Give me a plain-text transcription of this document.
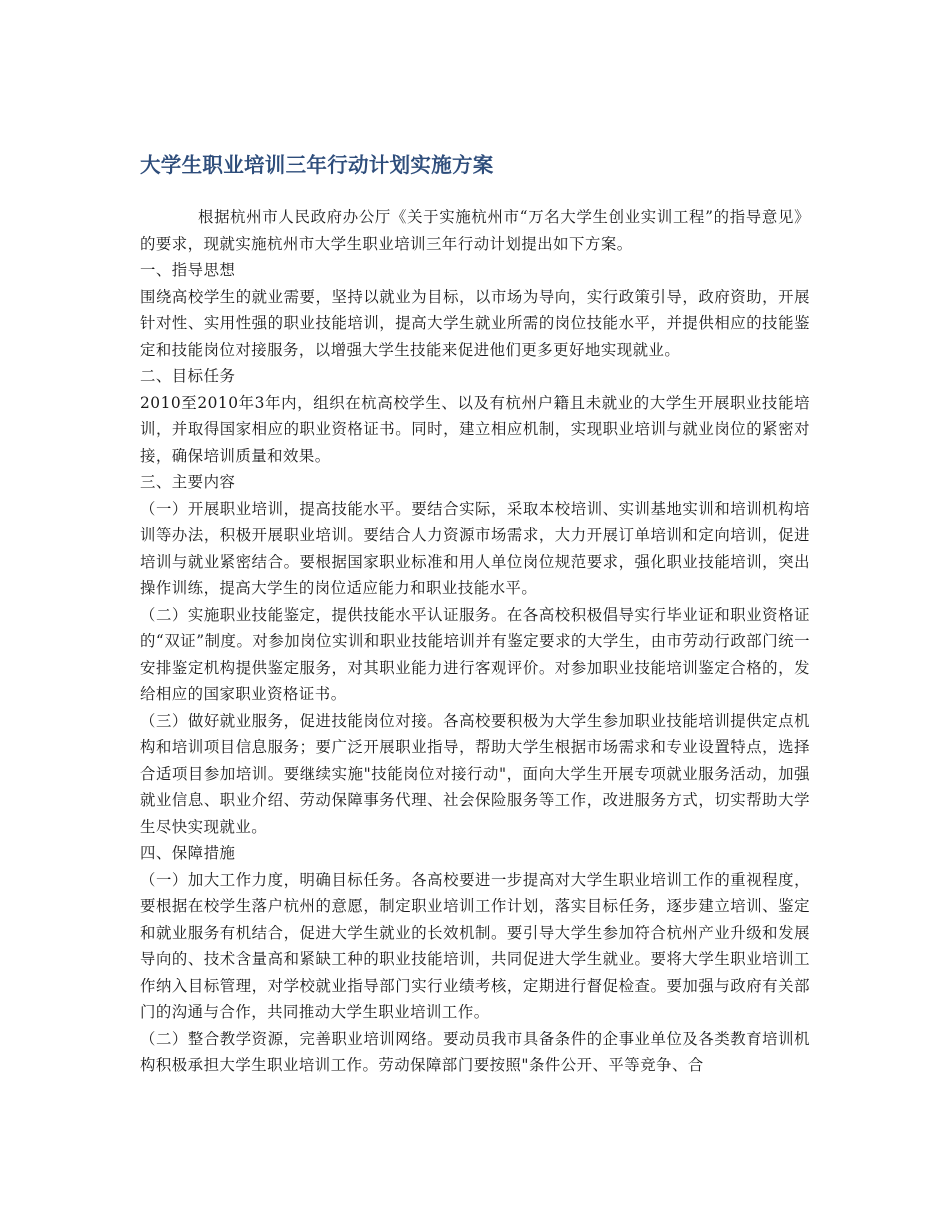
大学生职业培训三年行动计划实施方案

根据杭州市人民政府办公厅《关于实施杭州市“万名大学生创业实训工程”的指导意见》的要求，现就实施杭州市大学生职业培训三年行动计划提出如下方案。

一、指导思想

围绕高校学生的就业需要，坚持以就业为目标，以市场为导向，实行政策引导，政府资助，开展针对性、实用性强的职业技能培训，提高大学生就业所需的岗位技能水平，并提供相应的技能鉴定和技能岗位对接服务，以增强大学生技能来促进他们更多更好地实现就业。

二、目标任务

2010至2010年3年内，组织在杭高校学生、以及有杭州户籍且未就业的大学生开展职业技能培训，并取得国家相应的职业资格证书。同时，建立相应机制，实现职业培训与就业岗位的紧密对接，确保培训质量和效果。

三、主要内容

（一）开展职业培训，提高技能水平。要结合实际，采取本校培训、实训基地实训和培训机构培训等办法，积极开展职业培训。要结合人力资源市场需求，大力开展订单培训和定向培训，促进培训与就业紧密结合。要根据国家职业标准和用人单位岗位规范要求，强化职业技能培训，突出操作训练，提高大学生的岗位适应能力和职业技能水平。

（二）实施职业技能鉴定，提供技能水平认证服务。在各高校积极倡导实行毕业证和职业资格证的“双证”制度。对参加岗位实训和职业技能培训并有鉴定要求的大学生，由市劳动行政部门统一安排鉴定机构提供鉴定服务，对其职业能力进行客观评价。对参加职业技能培训鉴定合格的，发给相应的国家职业资格证书。

（三）做好就业服务，促进技能岗位对接。各高校要积极为大学生参加职业技能培训提供定点机构和培训项目信息服务；要广泛开展职业指导，帮助大学生根据市场需求和专业设置特点，选择合适项目参加培训。要继续实施"技能岗位对接行动"，面向大学生开展专项就业服务活动，加强就业信息、职业介绍、劳动保障事务代理、社会保险服务等工作，改进服务方式，切实帮助大学生尽快实现就业。

四、保障措施

（一）加大工作力度，明确目标任务。各高校要进一步提高对大学生职业培训工作的重视程度，要根据在校学生落户杭州的意愿，制定职业培训工作计划，落实目标任务，逐步建立培训、鉴定和就业服务有机结合，促进大学生就业的长效机制。要引导大学生参加符合杭州产业升级和发展导向的、技术含量高和紧缺工种的职业技能培训，共同促进大学生就业。要将大学生职业培训工作纳入目标管理，对学校就业指导部门实行业绩考核，定期进行督促检查。要加强与政府有关部门的沟通与合作，共同推动大学生职业培训工作。

（二）整合教学资源，完善职业培训网络。要动员我市具备条件的企事业单位及各类教育培训机构积极承担大学生职业培训工作。劳动保障部门要按照"条件公开、平等竞争、合
